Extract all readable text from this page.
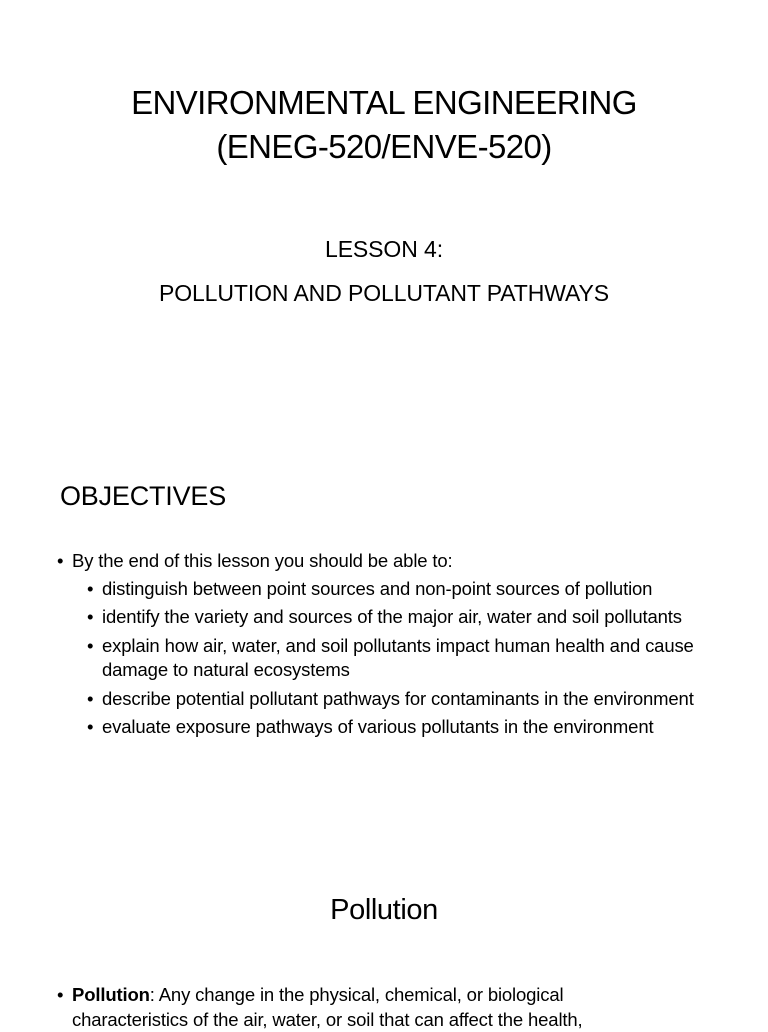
ENVIRONMENTAL ENGINEERING
(ENEG-520/ENVE-520)
LESSON 4:
POLLUTION AND POLLUTANT PATHWAYS
OBJECTIVES
• By the end of this lesson you should be able to:
• distinguish between point sources and non-point sources of pollution
• identify the variety and sources of the major air, water and soil pollutants
• explain how air, water, and soil pollutants impact human health and cause damage to natural ecosystems
• describe potential pollutant pathways for contaminants in the environment
• evaluate exposure pathways of various pollutants in the environment
Pollution
• Pollution: Any change in the physical, chemical, or biological
characteristics of the air, water, or soil that can affect the health,
